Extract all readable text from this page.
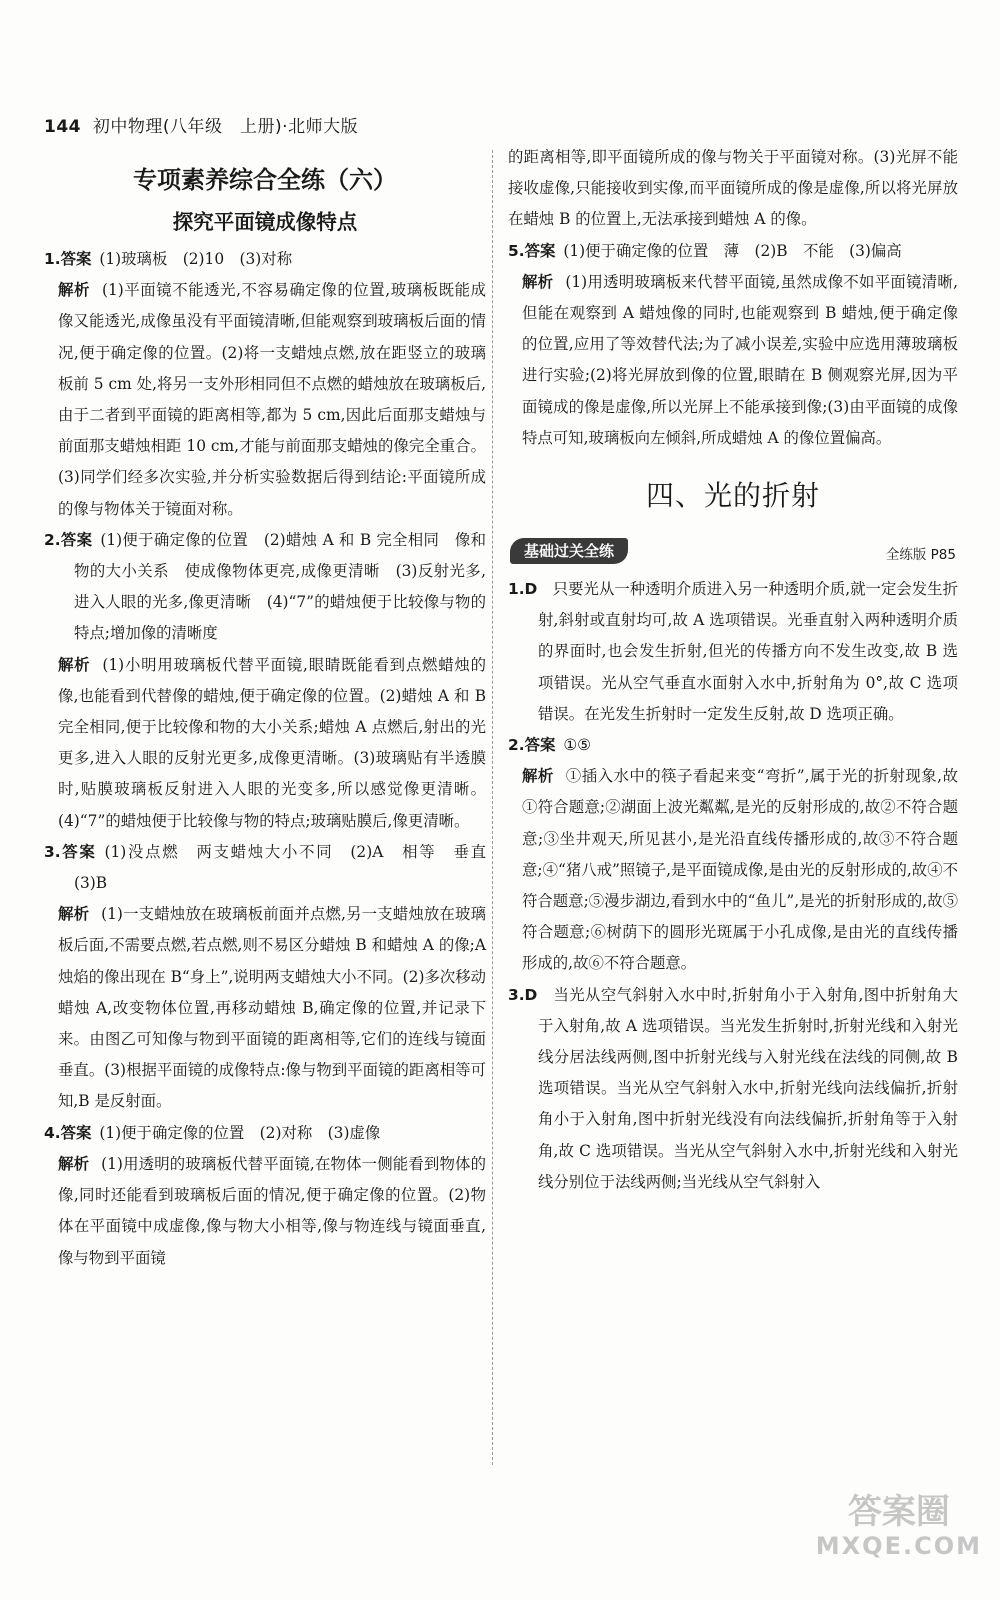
144 初中物理(八年级　上册)·北师大版
专项素养综合全练（六）
探究平面镜成像特点

1.答案 (1)玻璃板　(2)10　(3)对称

解析 (1)平面镜不能透光,不容易确定像的位置,玻璃板既能成像又能透光,成像虽没有平面镜清晰,但能观察到玻璃板后面的情况,便于确定像的位置。(2)将一支蜡烛点燃,放在距竖立的玻璃板前 5 cm 处,将另一支外形相同但不点燃的蜡烛放在玻璃板后,由于二者到平面镜的距离相等,都为 5 cm,因此后面那支蜡烛与前面那支蜡烛相距 10 cm,才能与前面那支蜡烛的像完全重合。(3)同学们经多次实验,并分析实验数据后得到结论:平面镜所成的像与物体关于镜面对称。

2.答案 (1)便于确定像的位置　(2)蜡烛 A 和 B 完全相同　像和物的大小关系　使成像物体更亮,成像更清晰　(3)反射光多,进入人眼的光多,像更清晰　(4)“7”的蜡烛便于比较像与物的特点;增加像的清晰度

解析 (1)小明用玻璃板代替平面镜,眼睛既能看到点燃蜡烛的像,也能看到代替像的蜡烛,便于确定像的位置。(2)蜡烛 A 和 B 完全相同,便于比较像和物的大小关系;蜡烛 A 点燃后,射出的光更多,进入人眼的反射光更多,成像更清晰。(3)玻璃贴有半透膜时,贴膜玻璃板反射进入人眼的光变多,所以感觉像更清晰。(4)“7”的蜡烛便于比较像与物的特点;玻璃贴膜后,像更清晰。

3.答案 (1)没点燃　两支蜡烛大小不同　(2)A　相等　垂直　(3)B

解析 (1)一支蜡烛放在玻璃板前面并点燃,另一支蜡烛放在玻璃板后面,不需要点燃,若点燃,则不易区分蜡烛 B 和蜡烛 A 的像;A 烛焰的像出现在 B“身上”,说明两支蜡烛大小不同。(2)多次移动蜡烛 A,改变物体位置,再移动蜡烛 B,确定像的位置,并记录下来。由图乙可知像与物到平面镜的距离相等,它们的连线与镜面垂直。(3)根据平面镜的成像特点:像与物到平面镜的距离相等可知,B 是反射面。

4.答案 (1)便于确定像的位置　(2)对称　(3)虚像

解析 (1)用透明的玻璃板代替平面镜,在物体一侧能看到物体的像,同时还能看到玻璃板后面的情况,便于确定像的位置。(2)物体在平面镜中成虚像,像与物大小相等,像与物连线与镜面垂直,像与物到平面镜

的距离相等,即平面镜所成的像与物关于平面镜对称。(3)光屏不能接收虚像,只能接收到实像,而平面镜所成的像是虚像,所以将光屏放在蜡烛 B 的位置上,无法承接到蜡烛 A 的像。

5.答案 (1)便于确定像的位置　薄　(2)B　不能　(3)偏高

解析 (1)用透明玻璃板来代替平面镜,虽然成像不如平面镜清晰,但能在观察到 A 蜡烛像的同时,也能观察到 B 蜡烛,便于确定像的位置,应用了等效替代法;为了减小误差,实验中应选用薄玻璃板进行实验;(2)将光屏放到像的位置,眼睛在 B 侧观察光屏,因为平面镜成的像是虚像,所以光屏上不能承接到像;(3)由平面镜的成像特点可知,玻璃板向左倾斜,所成蜡烛 A 的像位置偏高。

四、光的折射
基础过关全练	全练版 P85

1.D　 只要光从一种透明介质进入另一种透明介质,就一定会发生折射,斜射或直射均可,故 A 选项错误。光垂直射入两种透明介质的界面时,也会发生折射,但光的传播方向不发生改变,故 B 选项错误。光从空气垂直水面射入水中,折射角为 0°,故 C 选项错误。在光发生折射时一定发生反射,故 D 选项正确。

2.答案 ①⑤

解析 ①插入水中的筷子看起来变“弯折”,属于光的折射现象,故①符合题意;②湖面上波光粼粼,是光的反射形成的,故②不符合题意;③坐井观天,所见甚小,是光沿直线传播形成的,故③不符合题意;④“猪八戒”照镜子,是平面镜成像,是由光的反射形成的,故④不符合题意;⑤漫步湖边,看到水中的“鱼儿”,是光的折射形成的,故⑤符合题意;⑥树荫下的圆形光斑属于小孔成像,是由光的直线传播形成的,故⑥不符合题意。

3.D　 当光从空气斜射入水中时,折射角小于入射角,图中折射角大于入射角,故 A 选项错误。当光发生折射时,折射光线和入射光线分居法线两侧,图中折射光线与入射光线在法线的同侧,故 B 选项错误。当光从空气斜射入水中,折射光线向法线偏折,折射角小于入射角,图中折射光线没有向法线偏折,折射角等于入射角,故 C 选项错误。当光从空气斜射入水中,折射光线和入射光线分别位于法线两侧;当光线从空气斜射入

答案圈
MXQE.COM
